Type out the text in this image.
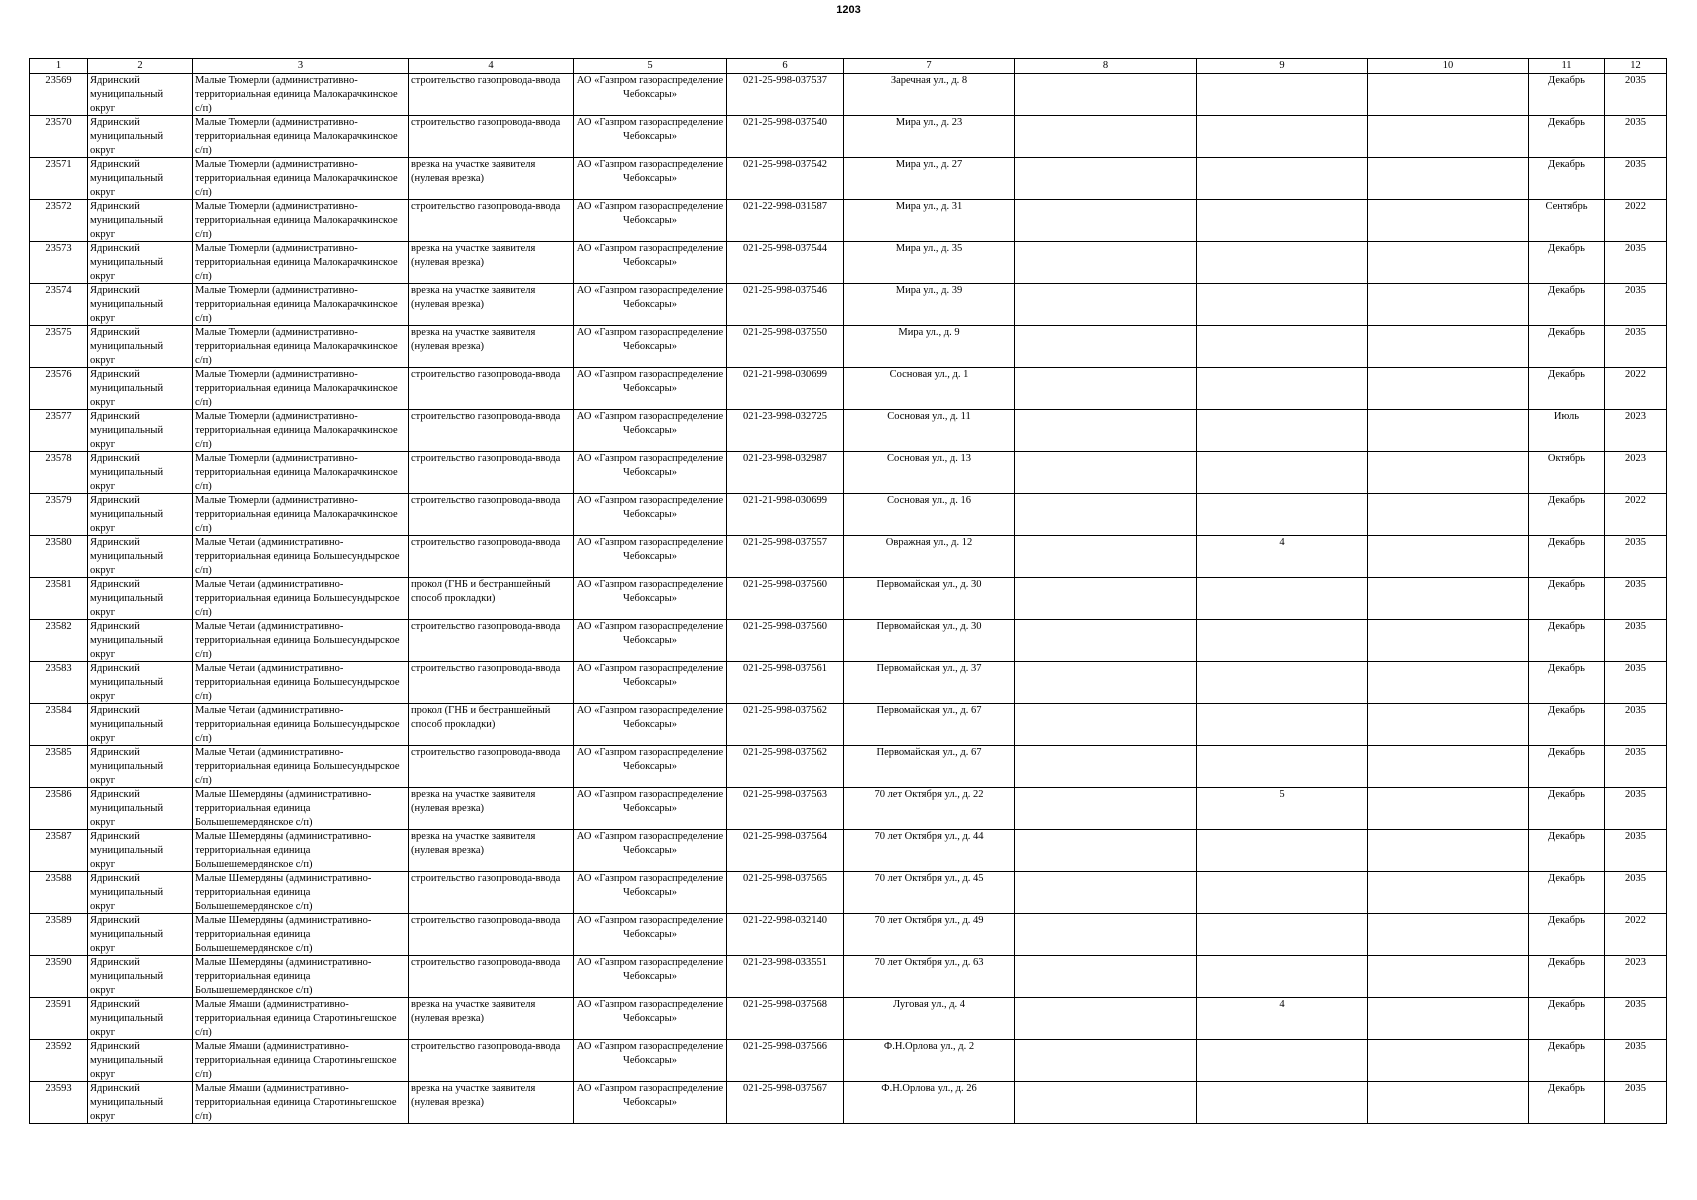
1203
1	2	3	4	5	6	7	8	9	10	11	12

23569	Ядринский муниципальный округ	Малые Тюмерли (административно-территориальная единица Малокарачкинское с/п)	строительство газопровода-ввода	АО «Газпром газораспределение Чебоксары»	021-25-998-037537	Заречная ул., д. 8				Декабрь	2035

23570	Ядринский муниципальный округ	Малые Тюмерли (административно-территориальная единица Малокарачкинское с/п)	строительство газопровода-ввода	АО «Газпром газораспределение Чебоксары»	021-25-998-037540	Мира ул., д. 23				Декабрь	2035

23571	Ядринский муниципальный округ	Малые Тюмерли (административно-территориальная единица Малокарачкинское с/п)	врезка на участке заявителя (нулевая врезка)	АО «Газпром газораспределение Чебоксары»	021-25-998-037542	Мира ул., д. 27				Декабрь	2035

23572	Ядринский муниципальный округ	Малые Тюмерли (административно-территориальная единица Малокарачкинское с/п)	строительство газопровода-ввода	АО «Газпром газораспределение Чебоксары»	021-22-998-031587	Мира ул., д. 31				Сентябрь	2022

23573	Ядринский муниципальный округ	Малые Тюмерли (административно-территориальная единица Малокарачкинское с/п)	врезка на участке заявителя (нулевая врезка)	АО «Газпром газораспределение Чебоксары»	021-25-998-037544	Мира ул., д. 35				Декабрь	2035

23574	Ядринский муниципальный округ	Малые Тюмерли (административно-территориальная единица Малокарачкинское с/п)	врезка на участке заявителя (нулевая врезка)	АО «Газпром газораспределение Чебоксары»	021-25-998-037546	Мира ул., д. 39				Декабрь	2035

23575	Ядринский муниципальный округ	Малые Тюмерли (административно-территориальная единица Малокарачкинское с/п)	врезка на участке заявителя (нулевая врезка)	АО «Газпром газораспределение Чебоксары»	021-25-998-037550	Мира ул., д. 9				Декабрь	2035

23576	Ядринский муниципальный округ	Малые Тюмерли (административно-территориальная единица Малокарачкинское с/п)	строительство газопровода-ввода	АО «Газпром газораспределение Чебоксары»	021-21-998-030699	Сосновая ул., д. 1				Декабрь	2022

23577	Ядринский муниципальный округ	Малые Тюмерли (административно-территориальная единица Малокарачкинское с/п)	строительство газопровода-ввода	АО «Газпром газораспределение Чебоксары»	021-23-998-032725	Сосновая ул., д. 11				Июль	2023

23578	Ядринский муниципальный округ	Малые Тюмерли (административно-территориальная единица Малокарачкинское с/п)	строительство газопровода-ввода	АО «Газпром газораспределение Чебоксары»	021-23-998-032987	Сосновая ул., д. 13				Октябрь	2023

23579	Ядринский муниципальный округ	Малые Тюмерли (административно-территориальная единица Малокарачкинское с/п)	строительство газопровода-ввода	АО «Газпром газораспределение Чебоксары»	021-21-998-030699	Сосновая ул., д. 16				Декабрь	2022

23580	Ядринский муниципальный округ	Малые Четаи (административно-территориальная единица Большесундырское с/п)	строительство газопровода-ввода	АО «Газпром газораспределение Чебоксары»	021-25-998-037557	Овражная ул., д. 12		4		Декабрь	2035

23581	Ядринский муниципальный округ	Малые Четаи (административно-территориальная единица Большесундырское с/п)	прокол (ГНБ и бестраншейный способ прокладки)	АО «Газпром газораспределение Чебоксары»	021-25-998-037560	Первомайская ул., д. 30				Декабрь	2035

23582	Ядринский муниципальный округ	Малые Четаи (административно-территориальная единица Большесундырское с/п)	строительство газопровода-ввода	АО «Газпром газораспределение Чебоксары»	021-25-998-037560	Первомайская ул., д. 30				Декабрь	2035

23583	Ядринский муниципальный округ	Малые Четаи (административно-территориальная единица Большесундырское с/п)	строительство газопровода-ввода	АО «Газпром газораспределение Чебоксары»	021-25-998-037561	Первомайская ул., д. 37				Декабрь	2035

23584	Ядринский муниципальный округ	Малые Четаи (административно-территориальная единица Большесундырское с/п)	прокол (ГНБ и бестраншейный способ прокладки)	АО «Газпром газораспределение Чебоксары»	021-25-998-037562	Первомайская ул., д. 67				Декабрь	2035

23585	Ядринский муниципальный округ	Малые Четаи (административно-территориальная единица Большесундырское с/п)	строительство газопровода-ввода	АО «Газпром газораспределение Чебоксары»	021-25-998-037562	Первомайская ул., д. 67				Декабрь	2035

23586	Ядринский муниципальный округ	Малые Шемердяны (административно-территориальная единица Большешемердянское с/п)	врезка на участке заявителя (нулевая врезка)	АО «Газпром газораспределение Чебоксары»	021-25-998-037563	70 лет Октября ул., д. 22		5		Декабрь	2035

23587	Ядринский муниципальный округ	Малые Шемердяны (административно-территориальная единица Большешемердянское с/п)	врезка на участке заявителя (нулевая врезка)	АО «Газпром газораспределение Чебоксары»	021-25-998-037564	70 лет Октября ул., д. 44				Декабрь	2035

23588	Ядринский муниципальный округ	Малые Шемердяны (административно-территориальная единица Большешемердянское с/п)	строительство газопровода-ввода	АО «Газпром газораспределение Чебоксары»	021-25-998-037565	70 лет Октября ул., д. 45				Декабрь	2035

23589	Ядринский муниципальный округ	Малые Шемердяны (административно-территориальная единица Большешемердянское с/п)	строительство газопровода-ввода	АО «Газпром газораспределение Чебоксары»	021-22-998-032140	70 лет Октября ул., д. 49				Декабрь	2022

23590	Ядринский муниципальный округ	Малые Шемердяны (административно-территориальная единица Большешемердянское с/п)	строительство газопровода-ввода	АО «Газпром газораспределение Чебоксары»	021-23-998-033551	70 лет Октября ул., д. 63				Декабрь	2023

23591	Ядринский муниципальный округ	Малые Ямаши (административно-территориальная единица Старотиньгешское с/п)	врезка на участке заявителя (нулевая врезка)	АО «Газпром газораспределение Чебоксары»	021-25-998-037568	Луговая ул., д. 4		4		Декабрь	2035

23592	Ядринский муниципальный округ	Малые Ямаши (административно-территориальная единица Старотиньгешское с/п)	строительство газопровода-ввода	АО «Газпром газораспределение Чебоксары»	021-25-998-037566	Ф.Н.Орлова ул., д. 2				Декабрь	2035

23593	Ядринский муниципальный округ	Малые Ямаши (административно-территориальная единица Старотиньгешское с/п)	врезка на участке заявителя (нулевая врезка)	АО «Газпром газораспределение Чебоксары»	021-25-998-037567	Ф.Н.Орлова ул., д. 26				Декабрь	2035
